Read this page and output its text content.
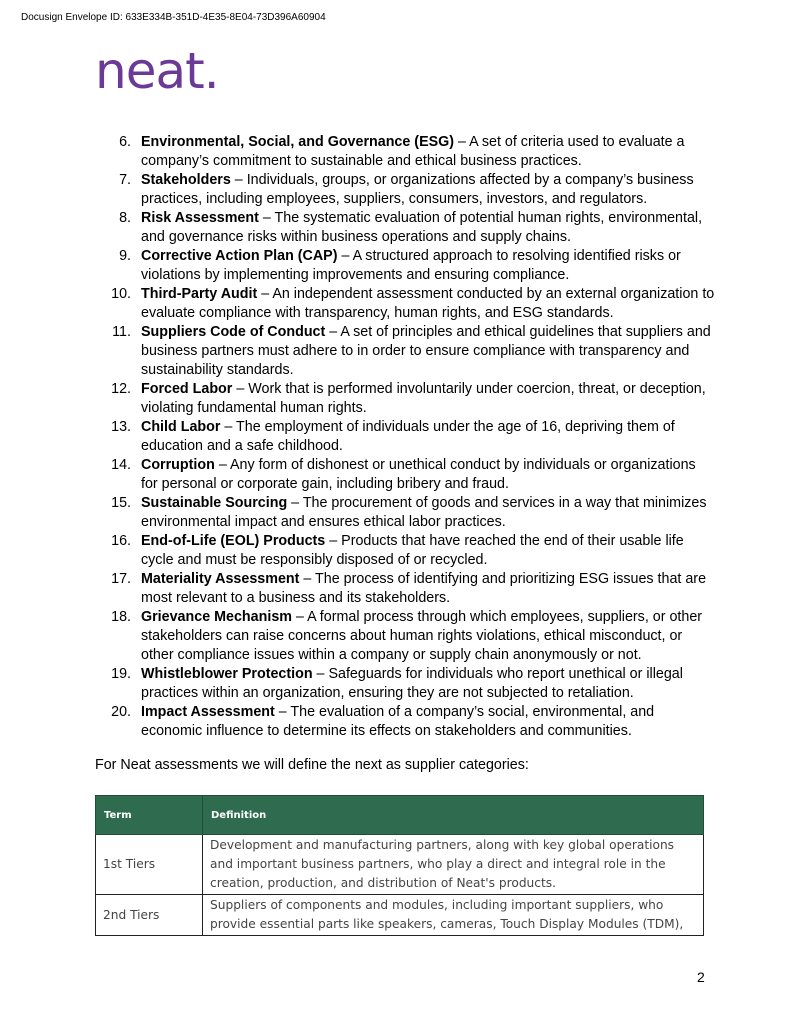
Docusign Envelope ID: 633E334B-351D-4E35-8E04-73D396A60904
neat.
6. Environmental, Social, and Governance (ESG) – A set of criteria used to evaluate a company’s commitment to sustainable and ethical business practices.
7. Stakeholders – Individuals, groups, or organizations affected by a company’s business practices, including employees, suppliers, consumers, investors, and regulators.
8. Risk Assessment – The systematic evaluation of potential human rights, environmental, and governance risks within business operations and supply chains.
9. Corrective Action Plan (CAP) – A structured approach to resolving identified risks or violations by implementing improvements and ensuring compliance.
10. Third-Party Audit – An independent assessment conducted by an external organization to evaluate compliance with transparency, human rights, and ESG standards.
11. Suppliers Code of Conduct – A set of principles and ethical guidelines that suppliers and business partners must adhere to in order to ensure compliance with transparency and sustainability standards.
12. Forced Labor – Work that is performed involuntarily under coercion, threat, or deception, violating fundamental human rights.
13. Child Labor – The employment of individuals under the age of 16, depriving them of education and a safe childhood.
14. Corruption – Any form of dishonest or unethical conduct by individuals or organizations for personal or corporate gain, including bribery and fraud.
15. Sustainable Sourcing – The procurement of goods and services in a way that minimizes environmental impact and ensures ethical labor practices.
16. End-of-Life (EOL) Products – Products that have reached the end of their usable life cycle and must be responsibly disposed of or recycled.
17. Materiality Assessment – The process of identifying and prioritizing ESG issues that are most relevant to a business and its stakeholders.
18. Grievance Mechanism – A formal process through which employees, suppliers, or other stakeholders can raise concerns about human rights violations, ethical misconduct, or other compliance issues within a company or supply chain anonymously or not.
19. Whistleblower Protection – Safeguards for individuals who report unethical or illegal practices within an organization, ensuring they are not subjected to retaliation.
20. Impact Assessment – The evaluation of a company’s social, environmental, and economic influence to determine its effects on stakeholders and communities.
For Neat assessments we will define the next as supplier categories:
Term	Definition
1st Tiers	Development and manufacturing partners, along with key global operations and important business partners, who play a direct and integral role in the creation, production, and distribution of Neat's products.
2nd Tiers	Suppliers of components and modules, including important suppliers, who provide essential parts like speakers, cameras, Touch Display Modules (TDM),
2
